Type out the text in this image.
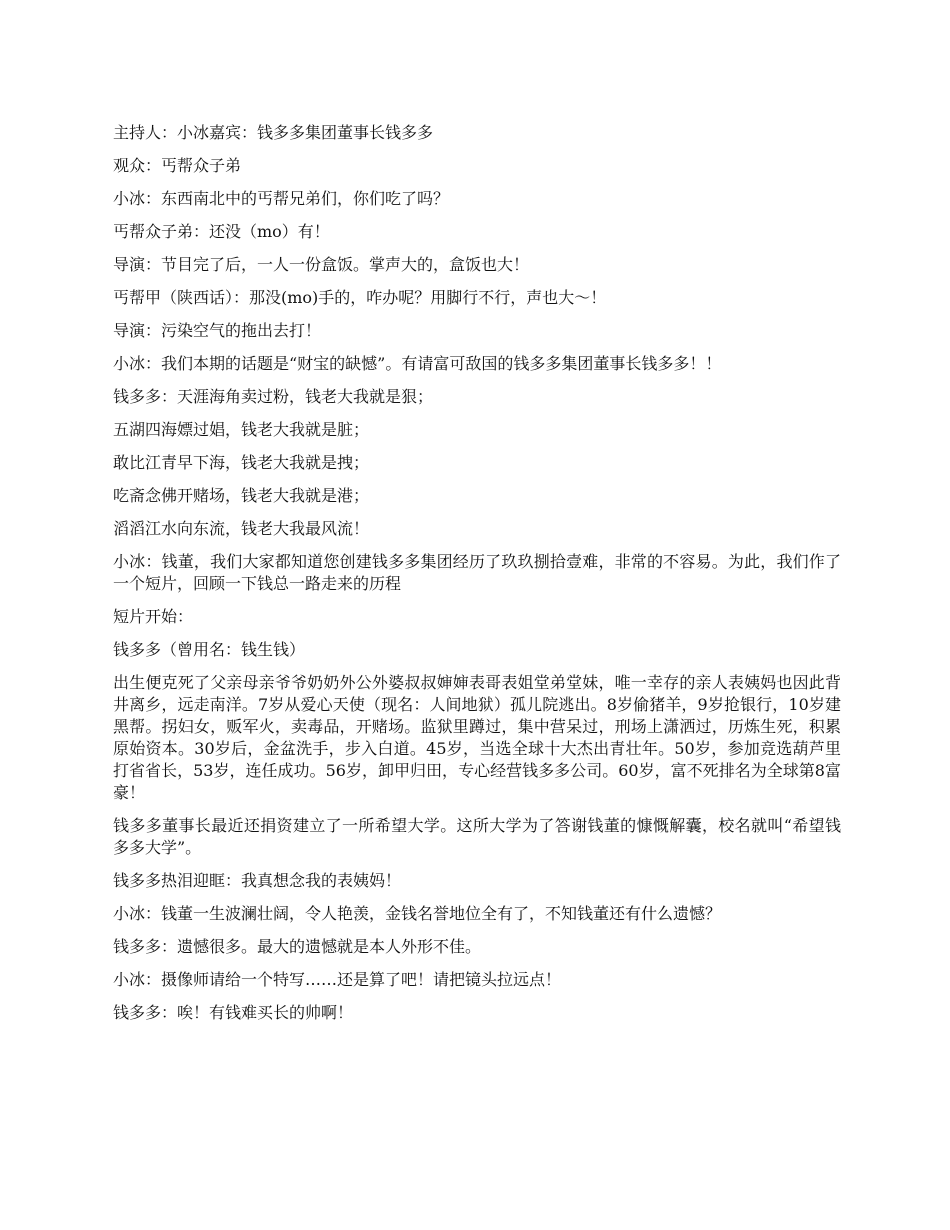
主持人：小冰嘉宾：钱多多集团董事长钱多多

观众：丐帮众子弟

小冰：东西南北中的丐帮兄弟们，你们吃了吗？

丐帮众子弟：还没（mo）有！

导演：节目完了后，一人一份盒饭。掌声大的，盒饭也大！

丐帮甲（陕西话）：那没(mo)手的，咋办呢？用脚行不行，声也大～！

导演：污染空气的拖出去打！

小冰：我们本期的话题是“财宝的缺憾”。有请富可敌国的钱多多集团董事长钱多多！！

钱多多：天涯海角卖过粉，钱老大我就是狠；

五湖四海嫖过娼，钱老大我就是脏；

敢比江青早下海，钱老大我就是拽；

吃斋念佛开赌场，钱老大我就是港；

滔滔江水向东流，钱老大我最风流！

小冰：钱董，我们大家都知道您创建钱多多集团经历了玖玖捌拾壹难，非常的不容易。为此，我们作了一个短片，回顾一下钱总一路走来的历程

短片开始：

钱多多（曾用名：钱生钱）

出生便克死了父亲母亲爷爷奶奶外公外婆叔叔婶婶表哥表姐堂弟堂妹，唯一幸存的亲人表姨妈也因此背井离乡，远走南洋。7岁从爱心天使（现名：人间地狱）孤儿院逃出。8岁偷猪羊，9岁抢银行，10岁建黑帮。拐妇女，贩军火，卖毒品，开赌场。监狱里蹲过，集中营呆过，刑场上潇洒过，历炼生死，积累原始资本。30岁后，金盆洗手，步入白道。45岁，当选全球十大杰出青壮年。50岁，参加竞选葫芦里打省省长，53岁，连任成功。56岁，卸甲归田，专心经营钱多多公司。60岁，富不死排名为全球第8富豪！

钱多多董事长最近还捐资建立了一所希望大学。这所大学为了答谢钱董的慷慨解囊，校名就叫“希望钱多多大学”。

钱多多热泪迎眶：我真想念我的表姨妈！

小冰：钱董一生波澜壮阔，令人艳羡，金钱名誉地位全有了，不知钱董还有什么遗憾？

钱多多：遗憾很多。最大的遗憾就是本人外形不佳。

小冰：摄像师请给一个特写……还是算了吧！请把镜头拉远点！

钱多多：唉！有钱难买长的帅啊！
